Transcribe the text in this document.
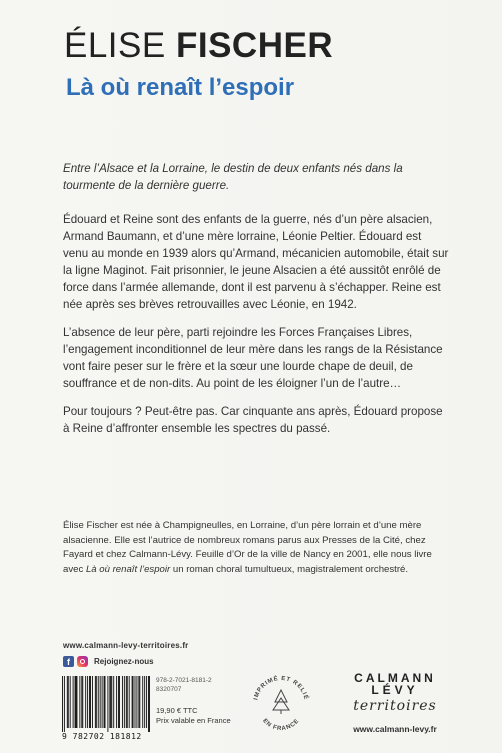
ÉLISE FISCHER
Là où renaît l’espoir
Entre l’Alsace et la Lorraine, le destin de deux enfants nés dans la tourmente de la dernière guerre.

Édouard et Reine sont des enfants de la guerre, nés d’un père alsacien, Armand Baumann, et d’une mère lorraine, Léonie Peltier. Édouard est venu au monde en 1939 alors qu’Armand, mécanicien automobile, était sur la ligne Maginot. Fait prisonnier, le jeune Alsacien a été aussitôt enrôlé de force dans l’armée allemande, dont il est parvenu à s’échapper. Reine est née après ses brèves retrouvailles avec Léonie, en 1942.

L’absence de leur père, parti rejoindre les Forces Françaises Libres, l’engagement inconditionnel de leur mère dans les rangs de la Résistance vont faire peser sur le frère et la sœur une lourde chape de deuil, de souffrance et de non-dits. Au point de les éloigner l’un de l’autre…

Pour toujours ? Peut-être pas. Car cinquante ans après, Édouard propose à Reine d’affronter ensemble les spectres du passé.

Élise Fischer est née à Champigneulles, en Lorraine, d’un père lorrain et d’une mère alsacienne. Elle est l’autrice de nombreux romans parus aux Presses de la Cité, chez Fayard et chez Calmann-Lévy. Feuille d’Or de la ville de Nancy en 2001, elle nous livre avec Là où renaît l’espoir un roman choral tumultueux, magistralement orchestré.
www.calmann-levy-territoires.fr
f	Rejoignez-nous
9 782702 181812
978-2-7021-8181-2
8320707
19,90 € TTC
Prix valable en France
IMPRIMÉ ET RELIÉ
EN FRANCE
CALMANN
LÉVY
territoires
www.calmann-levy.fr
